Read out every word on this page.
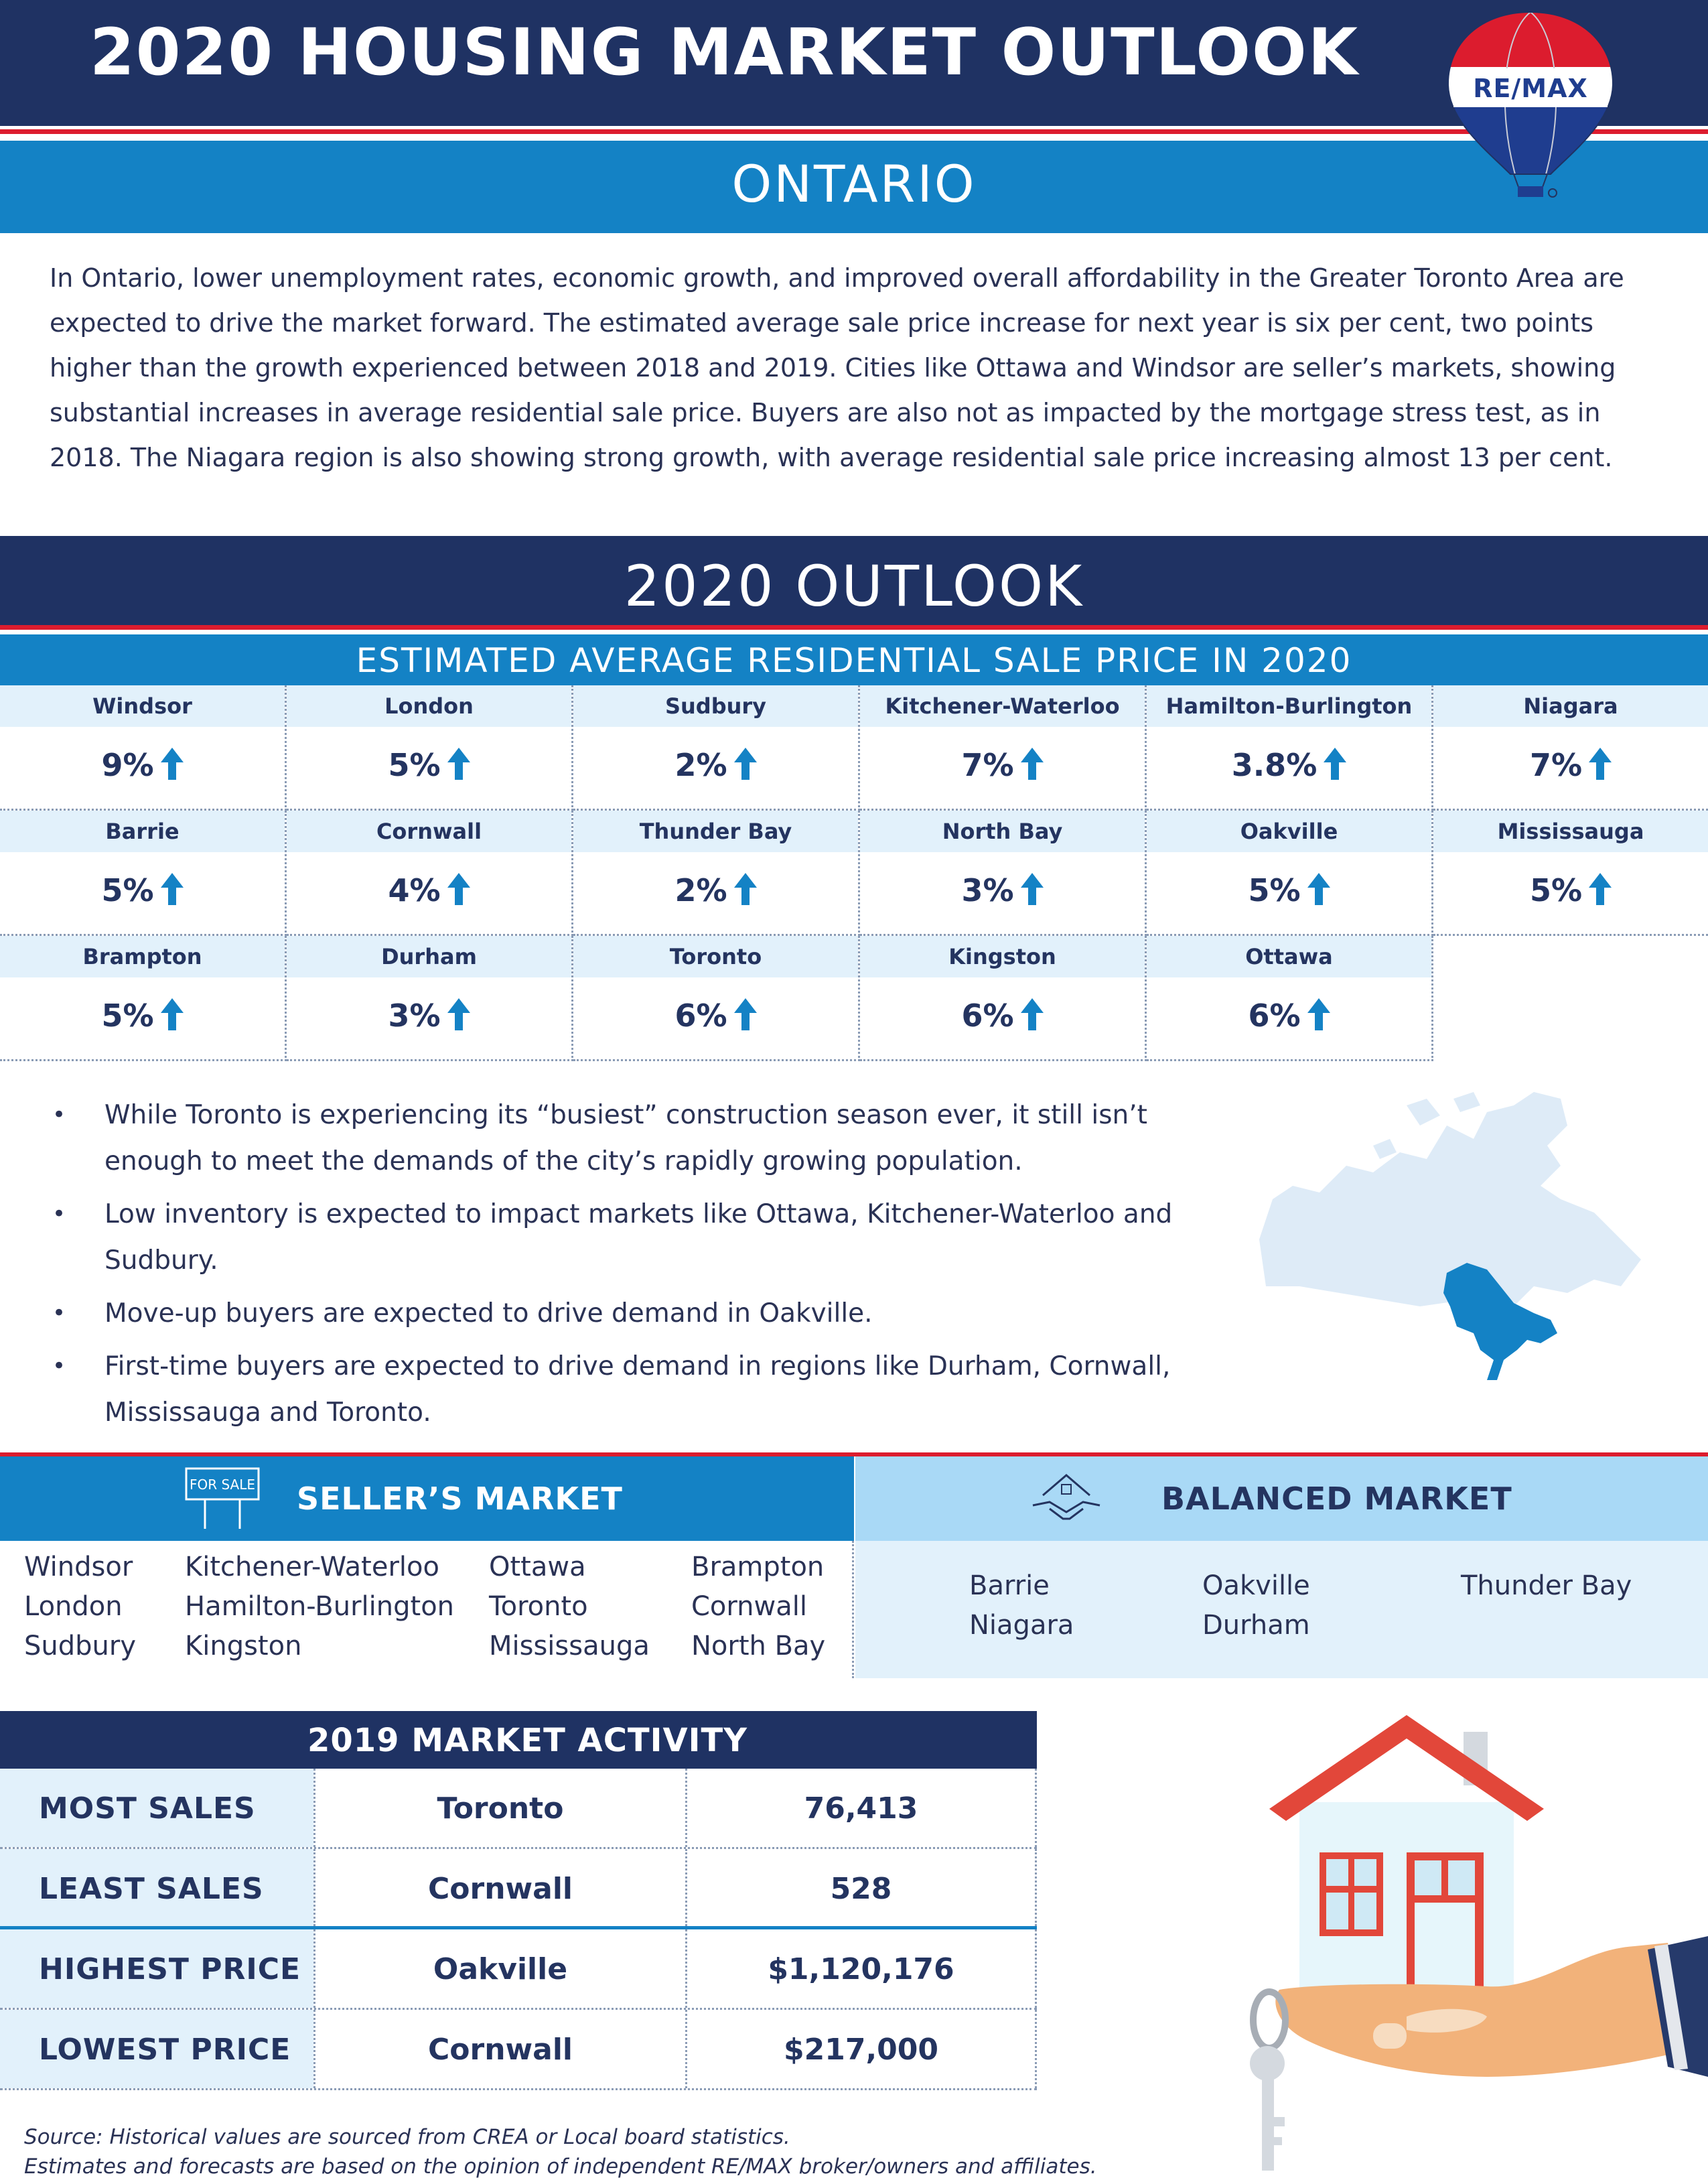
2020 HOUSING MARKET OUTLOOK
ONTARIO
RE/MAX

In Ontario, lower unemployment rates, economic growth, and improved overall affordability in the Greater Toronto Area are expected to drive the market forward. The estimated average sale price increase for next year is six per cent, two points higher than the growth experienced between 2018 and 2019. Cities like Ottawa and Windsor are seller’s markets, showing substantial increases in average residential sale price. Buyers are also not as impacted by the mortgage stress test, as in 2018. The Niagara region is also showing strong growth, with average residential sale price increasing almost 13 per cent.

2020 OUTLOOK
ESTIMATED AVERAGE RESIDENTIAL SALE PRICE IN 2020
Windsor
9%
London
5%
Sudbury
2%
Kitchener-Waterloo
7%
Hamilton-Burlington
3.8%
Niagara
7%
Barrie
5%
Cornwall
4%
Thunder Bay
2%
North Bay
3%
Oakville
5%
Mississauga
5%
Brampton
5%
Durham
3%
Toronto
6%
Kingston
6%
Ottawa
6%
• While Toronto is experiencing its “busiest” construction season ever, it still isn’t enough to meet the demands of the city’s rapidly growing population.
• Low inventory is expected to impact markets like Ottawa, Kitchener-Waterloo and Sudbury.
• Move-up buyers are expected to drive demand in Oakville.
• First-time buyers are expected to drive demand in regions like Durham, Cornwall, Mississauga and Toronto.
FOR SALE SELLER’S MARKET	BALANCED MARKET
Windsor
London
Sudbury
Kitchener-Waterloo
Hamilton-Burlington
Kingston
Ottawa
Toronto
Mississauga
Brampton
Cornwall
North Bay
Barrie
Niagara
Oakville
Durham
Thunder Bay
2019 MARKET ACTIVITY
MOST SALES	Toronto	76,413
LEAST SALES	Cornwall	528
HIGHEST PRICE	Oakville	$1,120,176
LOWEST PRICE	Cornwall	$217,000
Source: Historical values are sourced from CREA or Local board statistics.
Estimates and forecasts are based on the opinion of independent RE/MAX broker/owners and affiliates.
